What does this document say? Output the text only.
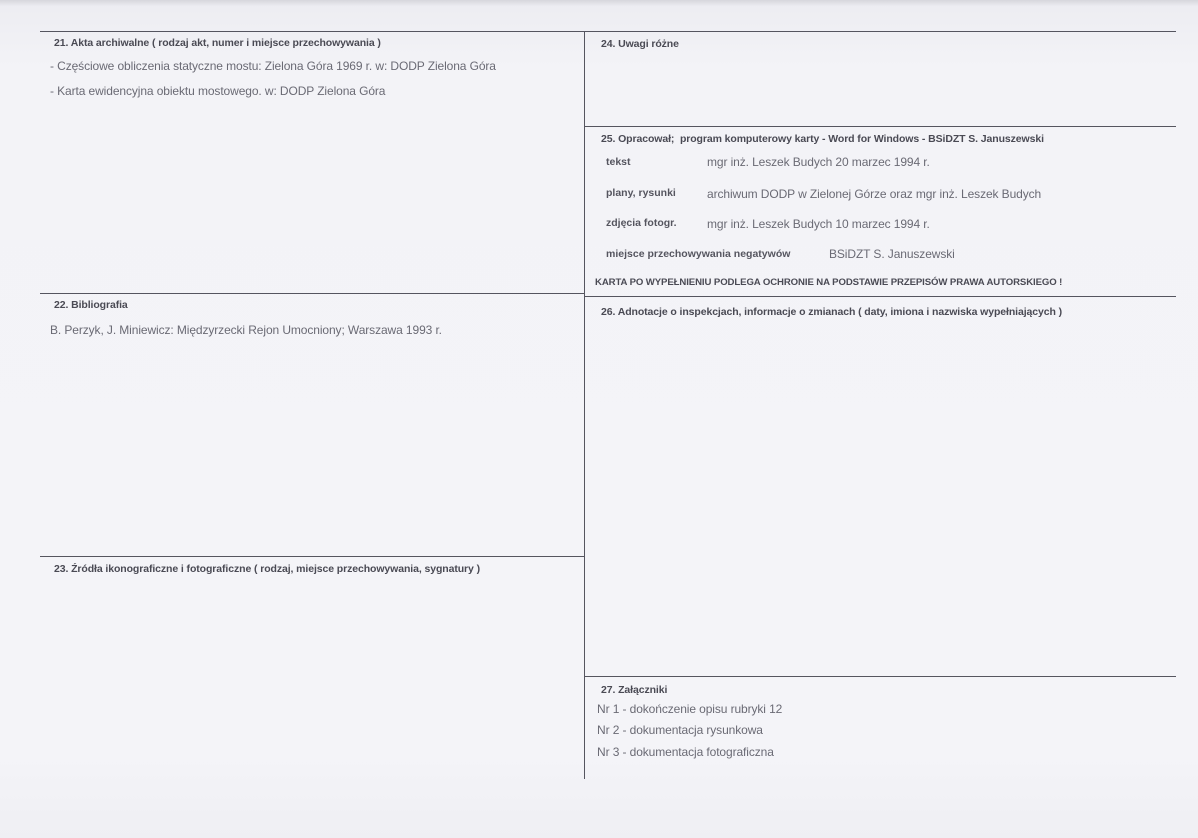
21. Akta archiwalne ( rodzaj akt, numer i miejsce przechowywania )
- Częściowe obliczenia statyczne mostu: Zielona Góra 1969 r. w: DODP Zielona Góra
- Karta ewidencyjna obiektu mostowego. w: DODP Zielona Góra
22. Bibliografia
B. Perzyk, J. Miniewicz: Międzyrzecki Rejon Umocniony; Warszawa 1993 r.
23. Źródła ikonograficzne i fotograficzne ( rodzaj, miejsce przechowywania, sygnatury )
24. Uwagi różne
25. Opracował; program komputerowy karty - Word for Windows - BSiDZT S. Januszewski
tekst	mgr inż. Leszek Budych 20 marzec 1994 r.
plany, rysunki	archiwum DODP w Zielonej Górze oraz mgr inż. Leszek Budych
zdjęcia fotogr.	mgr inż. Leszek Budych 10 marzec 1994 r.
miejsce przechowywania negatywów	BSiDZT S. Januszewski
KARTA PO WYPEŁNIENIU PODLEGA OCHRONIE NA PODSTAWIE PRZEPISÓW PRAWA AUTORSKIEGO !
26. Adnotacje o inspekcjach, informacje o zmianach ( daty, imiona i nazwiska wypełniających )
27. Załączniki
Nr 1 - dokończenie opisu rubryki 12
Nr 2 - dokumentacja rysunkowa
Nr 3 - dokumentacja fotograficzna
